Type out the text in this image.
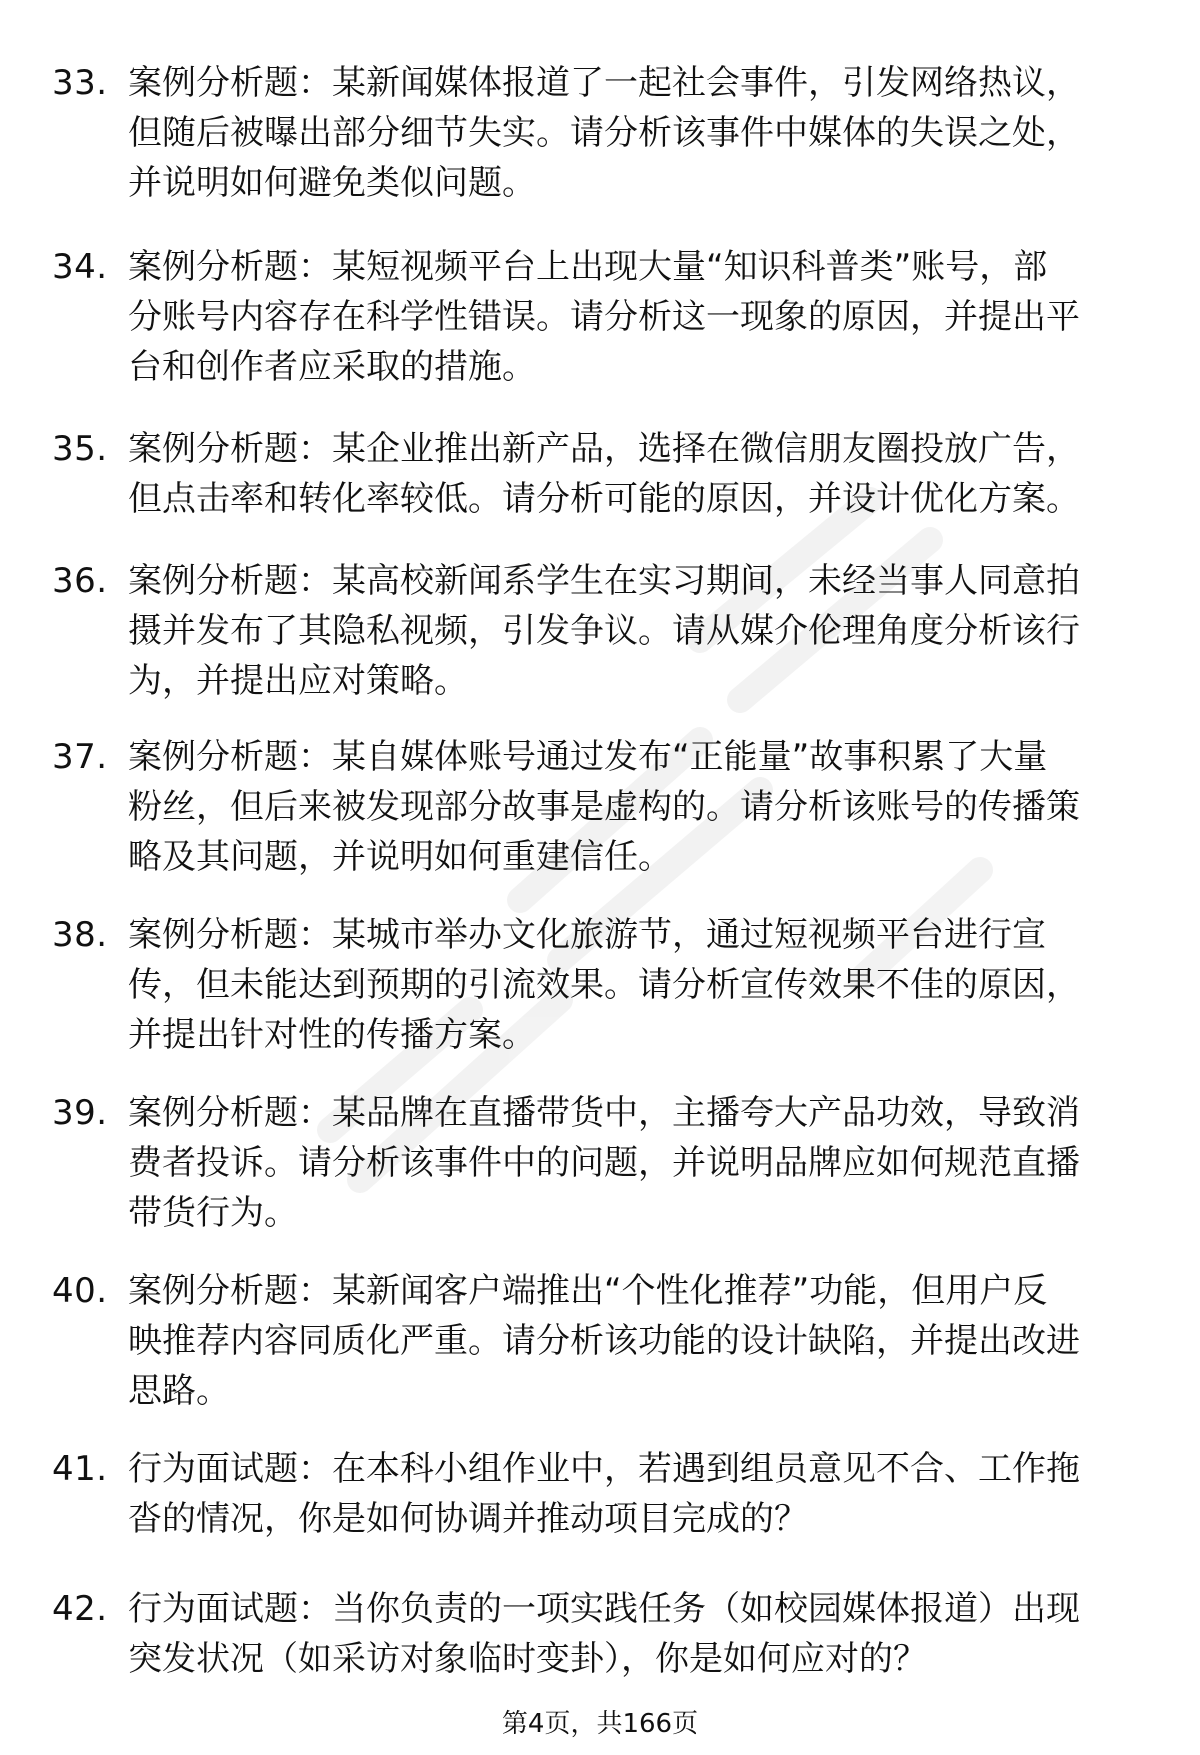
33. 案例分析题：某新闻媒体报道了一起社会事件，引发网络热议，
但随后被曝出部分细节失实。请分析该事件中媒体的失误之处，
并说明如何避免类似问题。
34. 案例分析题：某短视频平台上出现大量“知识科普类”账号，部
分账号内容存在科学性错误。请分析这一现象的原因，并提出平
台和创作者应采取的措施。
35. 案例分析题：某企业推出新产品，选择在微信朋友圈投放广告，
但点击率和转化率较低。请分析可能的原因，并设计优化方案。
36. 案例分析题：某高校新闻系学生在实习期间，未经当事人同意拍
摄并发布了其隐私视频，引发争议。请从媒介伦理角度分析该行
为，并提出应对策略。
37. 案例分析题：某自媒体账号通过发布“正能量”故事积累了大量
粉丝，但后来被发现部分故事是虚构的。请分析该账号的传播策
略及其问题，并说明如何重建信任。
38. 案例分析题：某城市举办文化旅游节，通过短视频平台进行宣
传，但未能达到预期的引流效果。请分析宣传效果不佳的原因，
并提出针对性的传播方案。
39. 案例分析题：某品牌在直播带货中，主播夸大产品功效，导致消
费者投诉。请分析该事件中的问题，并说明品牌应如何规范直播
带货行为。
40. 案例分析题：某新闻客户端推出“个性化推荐”功能，但用户反
映推荐内容同质化严重。请分析该功能的设计缺陷，并提出改进
思路。
41. 行为面试题：在本科小组作业中，若遇到组员意见不合、工作拖
沓的情况，你是如何协调并推动项目完成的？
42. 行为面试题：当你负责的一项实践任务（如校园媒体报道）出现
突发状况（如采访对象临时变卦），你是如何应对的？
第4页，共166页
